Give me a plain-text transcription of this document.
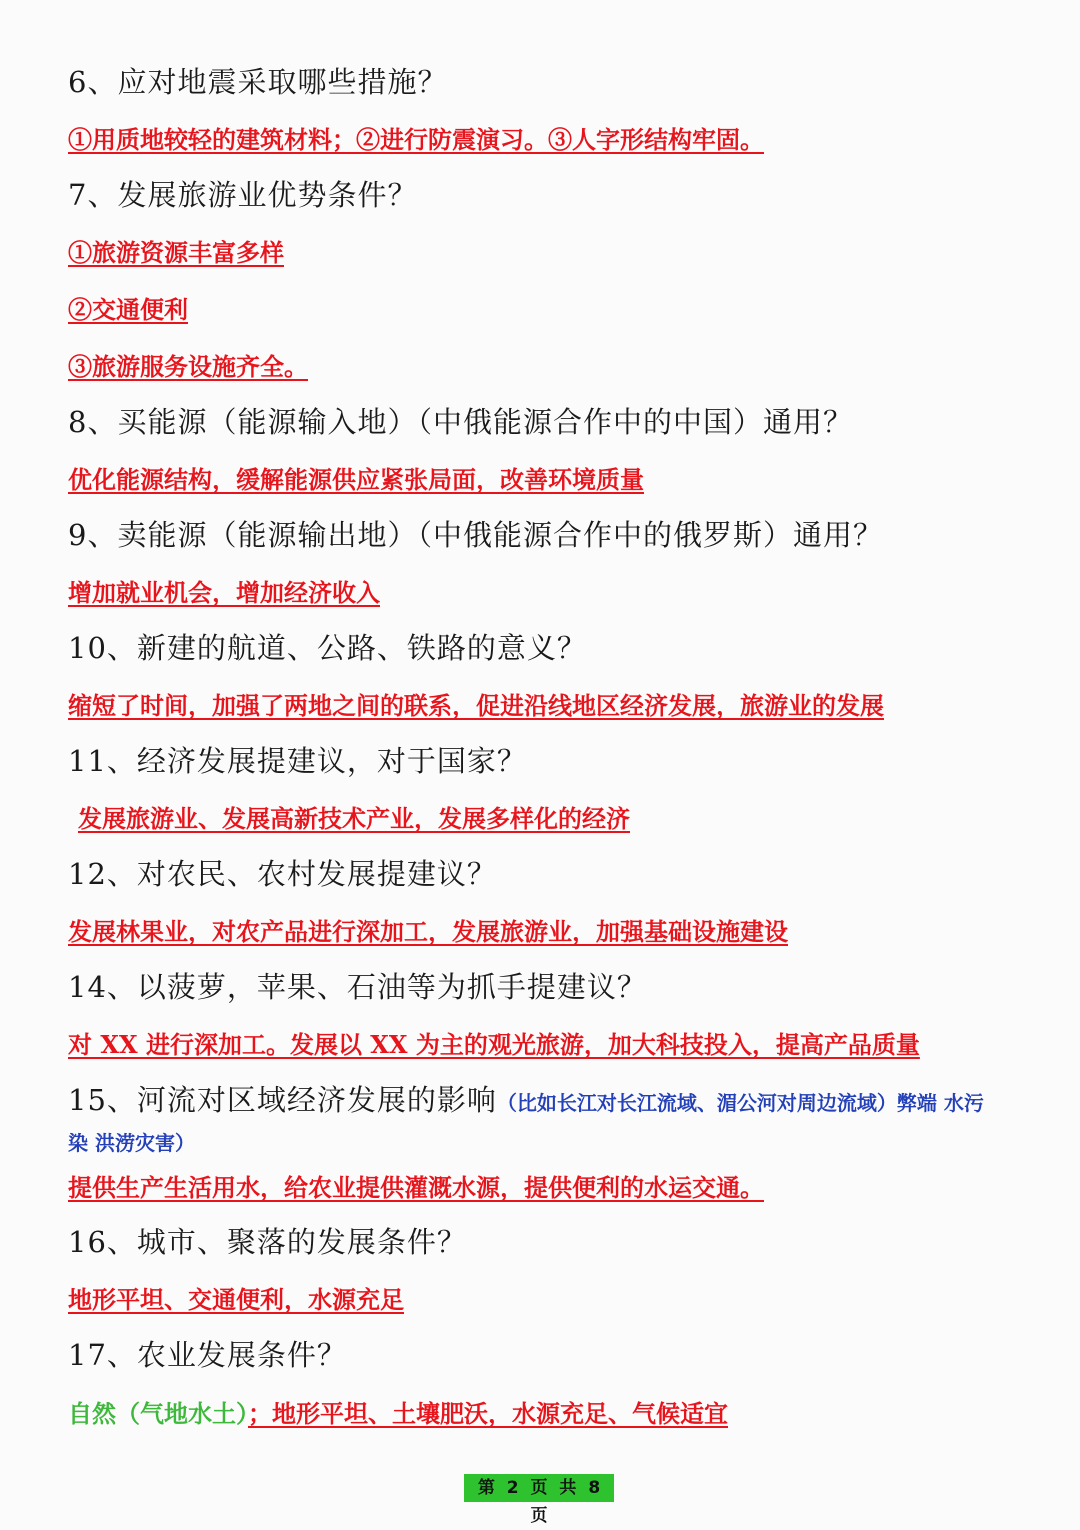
6、应对地震采取哪些措施？
①用质地较轻的建筑材料；②进行防震演习。③人字形结构牢固。
7、发展旅游业优势条件？
①旅游资源丰富多样
②交通便利
③旅游服务设施齐全。
8、买能源（能源输入地）（中俄能源合作中的中国）通用？
优化能源结构，缓解能源供应紧张局面，改善环境质量
9、卖能源（能源输出地）（中俄能源合作中的俄罗斯）通用？
增加就业机会，增加经济收入
10、新建的航道、公路、铁路的意义？
缩短了时间，加强了两地之间的联系，促进沿线地区经济发展，旅游业的发展
11、经济发展提建议，对于国家？
发展旅游业、发展高新技术产业，发展多样化的经济
12、对农民、农村发展提建议？
发展林果业，对农产品进行深加工，发展旅游业，加强基础设施建设
14、以菠萝，苹果、石油等为抓手提建议？
对 XX 进行深加工。发展以 XX 为主的观光旅游，加大科技投入，提高产品质量
15、河流对区域经济发展的影响（比如长江对长江流域、湄公河对周边流域）弊端 水污
染 洪涝灾害）
提供生产生活用水，给农业提供灌溉水源，提供便利的水运交通。
16、城市、聚落的发展条件？
地形平坦、交通便利，水源充足
17、农业发展条件？
自然（气地水土）；地形平坦、土壤肥沃，水源充足、气候适宜
第 2 页 共 8 页
